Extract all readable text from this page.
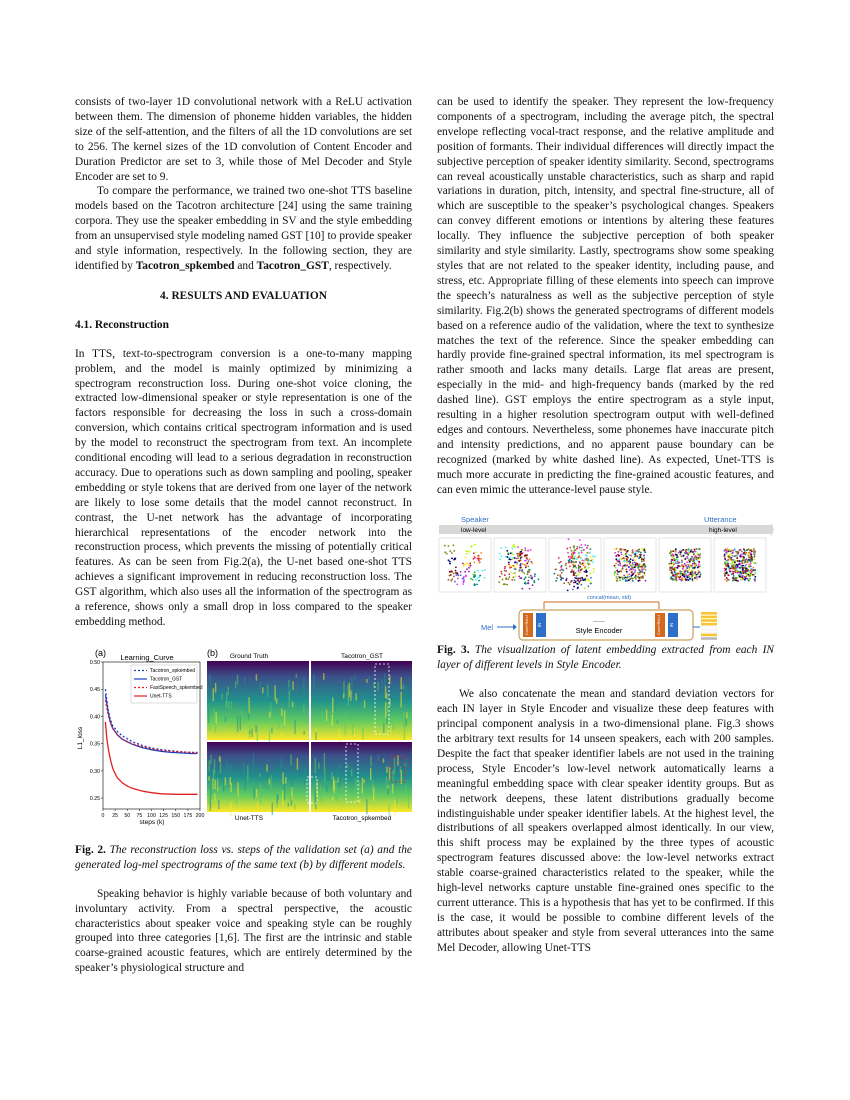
consists of two-layer 1D convolutional network with a ReLU activation between them. The dimension of phoneme hidden variables, the hidden size of the self-attention, and the filters of all the 1D convolutions are set to 256. The kernel sizes of the 1D convolution of Content Encoder and Duration Predictor are set to 3, while those of Mel Decoder and Style Encoder are set to 9.

To compare the performance, we trained two one-shot TTS baseline models based on the Tacotron architecture [24] using the same training corpora. They use the speaker embedding in SV and the style embedding from an unsupervised style modeling named GST [10] to provide speaker and style information, respectively. In the following section, they are identified by Tacotron_spkembed and Tacotron_GST, respectively.

4. RESULTS AND EVALUATION

4.1. Reconstruction

In TTS, text-to-spectrogram conversion is a one-to-many mapping problem, and the model is mainly optimized by minimizing a spectrogram reconstruction loss. During one-shot voice cloning, the extracted low-dimensional speaker or style representation is one of the factors responsible for decreasing the loss in such a cross-domain conversion, which contains critical spectrogram information and is used by the model to reconstruct the spectrogram from text. An incomplete conditional encoding will lead to a serious degradation in reconstruction accuracy. Due to operations such as down sampling and pooling, speaker embedding or style tokens that are derived from one layer of the network are likely to lose some details that the model cannot reconstruct. In contrast, the U-net network has the advantage of incorporating hierarchical representations of the encoder network into the reconstruction process, which prevents the missing of potentially critical features. As can be seen from Fig.2(a), the U-net based one-shot TTS achieves a significant improvement in reducing reconstruction loss. The GST algorithm, which also uses all the information of the spectrogram as a reference, shows only a small drop in loss compared to the speaker embedding method.

(a) Learning_Curve
0.25
0.30
0.35
0.40
0.45
0.50
0 25 50 75 100 125 150 175 200
L1_loss
steps (k)
Tacotron_spkembed
Tacotron_GST
FastSpeech_spkembed
Unet-TTS
(b) Ground Truth	Tacotron_GST
Unet-TTS	Tacotron_spkembed

Fig. 2. The reconstruction loss vs. steps of the validation set (a) and the generated log-mel spectrograms of the same text (b) by different models.

Speaking behavior is highly variable because of both voluntary and involuntary activity. From a spectral perspective, the acoustic characteristics about speaker voice and speaking style can be roughly grouped into three categories [1,6]. The first are the intrinsic and stable coarse-grained acoustic features, which are entirely determined by the speaker’s physiological structure and

can be used to identify the speaker. They represent the low-frequency components of a spectrogram, including the average pitch, the spectral envelope reflecting vocal-tract response, and the relative amplitude and position of formants. Their individual differences will directly impact the subjective perception of speaker identity similarity. Second, spectrograms can reveal acoustically unstable characteristics, such as sharp and rapid variations in duration, pitch, intensity, and spectral fine-structure, all of which are susceptible to the speaker’s psychological changes. Speakers can convey different emotions or intentions by altering these features locally. They influence the subjective perception of both speaker similarity and style similarity. Lastly, spectrograms show some speaking styles that are not related to the speaker identity, including pause, and stress, etc. Appropriate filling of these elements into speech can improve the speech’s naturalness as well as the subjective perception of style similarity. Fig.2(b) shows the generated spectrograms of different models based on a reference audio of the validation, where the text to synthesize matches the text of the reference. Since the speaker embedding can hardly provide fine-grained spectral information, its mel spectrogram is rather smooth and lacks many details. Large flat areas are present, especially in the mid- and high-frequency bands (marked by the red dashed line). GST employs the entire spectrogram as a style input, resulting in a higher resolution spectrogram output with well-defined edges and contours. Nevertheless, some phonemes have inaccurate pitch and intensity predictions, and no apparent pause boundary can be recognized (marked by white dashed line). As expected, Unet-TTS is much more accurate in predicting the fine-grained acoustic features, and can even mimic the utterance-level pause style.

Speaker	Utterance
low-level	high-level
concat(mean, std)
Mel	Conv+ReLU IN	Conv+ReLU IN
......
Style Encoder

Fig. 3. The visualization of latent embedding extracted from each IN layer of different levels in Style Encoder.

We also concatenate the mean and standard deviation vectors for each IN layer in Style Encoder and visualize these deep features with principal component analysis in a two-dimensional plane. Fig.3 shows the arbitrary text results for 14 unseen speakers, each with 200 samples. Despite the fact that speaker identifier labels are not used in the training process, Style Encoder’s low-level network automatically learns a meaningful embedding space with clear speaker identity groups. But as the network deepens, these latent distributions gradually become indistinguishable under speaker identifier labels. At the highest level, the distributions of all speakers overlapped almost identically. In our view, this shift process may be explained by the three types of acoustic spectrogram features discussed above: the low-level networks extract stable coarse-grained characteristics related to the speaker, while the high-level networks capture unstable fine-grained ones specific to the current utterance. This is a hypothesis that has yet to be confirmed. If this is the case, it would be possible to combine different levels of the attributes about speaker and style from several utterances into the same Mel Decoder, allowing Unet-TTS
